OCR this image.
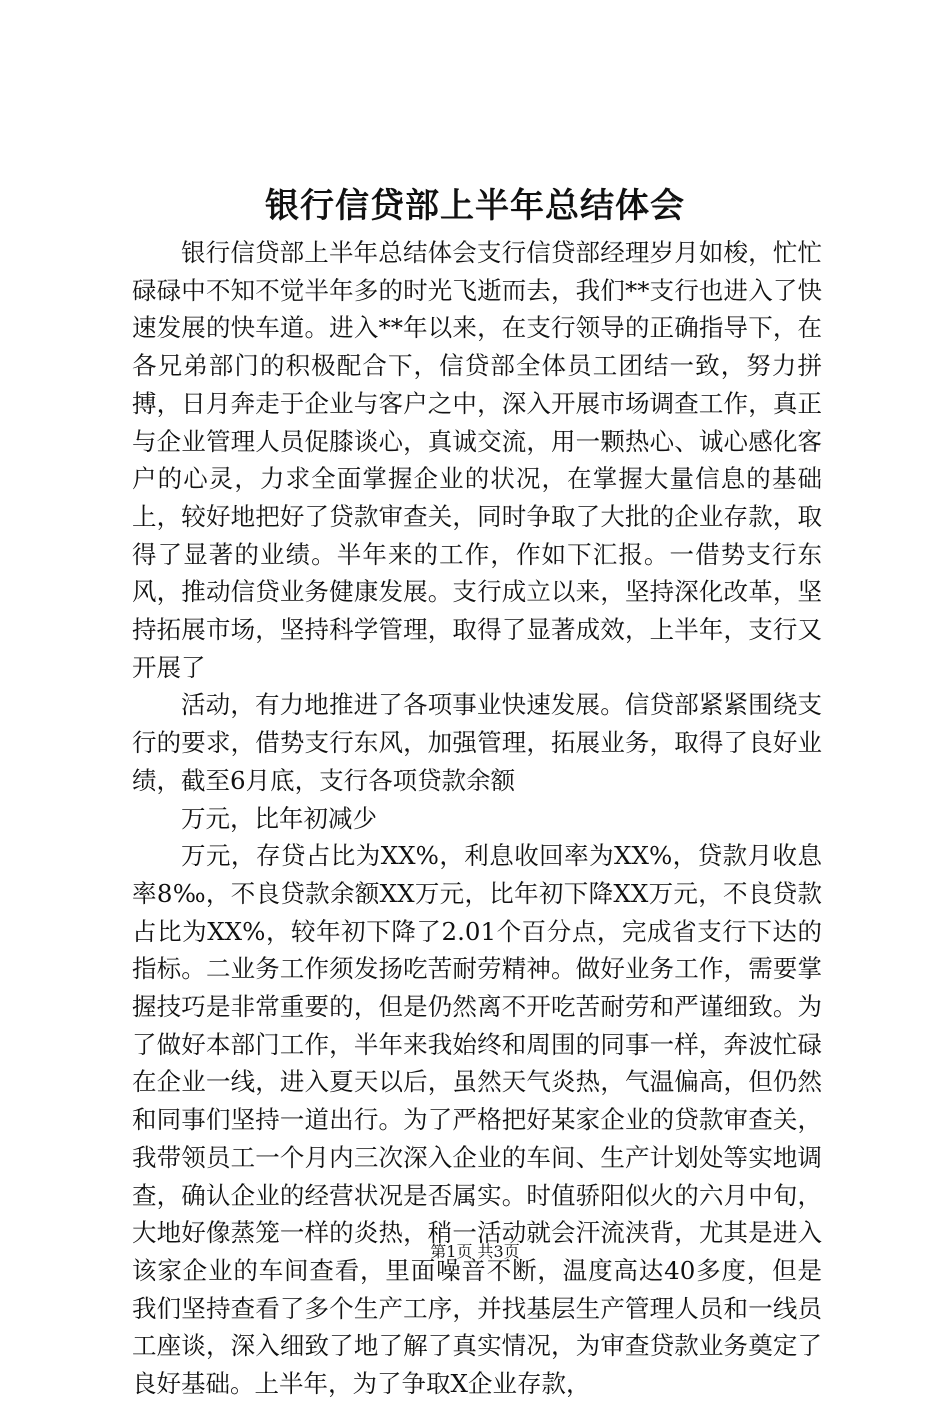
银行信贷部上半年总结体会

银行信贷部上半年总结体会支行信贷部经理岁月如梭，忙忙碌碌中不知不觉半年多的时光飞逝而去，我们**支行也进入了快速发展的快车道。进入**年以来，在支行领导的正确指导下，在各兄弟部门的积极配合下，信贷部全体员工团结一致，努力拼搏，日月奔走于企业与客户之中，深入开展市场调查工作，真正与企业管理人员促膝谈心，真诚交流，用一颗热心、诚心感化客户的心灵，力求全面掌握企业的状况，在掌握大量信息的基础上，较好地把好了贷款审查关，同时争取了大批的企业存款，取得了显著的业绩。半年来的工作，作如下汇报。一借势支行东风，推动信贷业务健康发展。支行成立以来，坚持深化改革，坚持拓展市场，坚持科学管理，取得了显著成效，上半年，支行又开展了

活动，有力地推进了各项事业快速发展。信贷部紧紧围绕支行的要求，借势支行东风，加强管理，拓展业务，取得了良好业绩，截至6月底，支行各项贷款余额

万元，比年初减少

万元，存贷占比为XX%，利息收回率为XX%，贷款月收息率8‰，不良贷款余额XX万元，比年初下降XX万元，不良贷款占比为XX%，较年初下降了2.01个百分点，完成省支行下达的指标。二业务工作须发扬吃苦耐劳精神。做好业务工作，需要掌握技巧是非常重要的，但是仍然离不开吃苦耐劳和严谨细致。为了做好本部门工作，半年来我始终和周围的同事一样，奔波忙碌在企业一线，进入夏天以后，虽然天气炎热，气温偏高，但仍然和同事们坚持一道出行。为了严格把好某家企业的贷款审查关，我带领员工一个月内三次深入企业的车间、生产计划处等实地调查，确认企业的经营状况是否属实。时值骄阳似火的六月中旬，大地好像蒸笼一样的炎热，稍一活动就会汗流浃背，尤其是进入该家企业的车间查看，里面噪音不断，温度高达40多度，但是我们坚持查看了多个生产工序，并找基层生产管理人员和一线员工座谈，深入细致了地了解了真实情况，为审查贷款业务奠定了良好基础。上半年，为了争取X企业存款，

第1页 共3页
